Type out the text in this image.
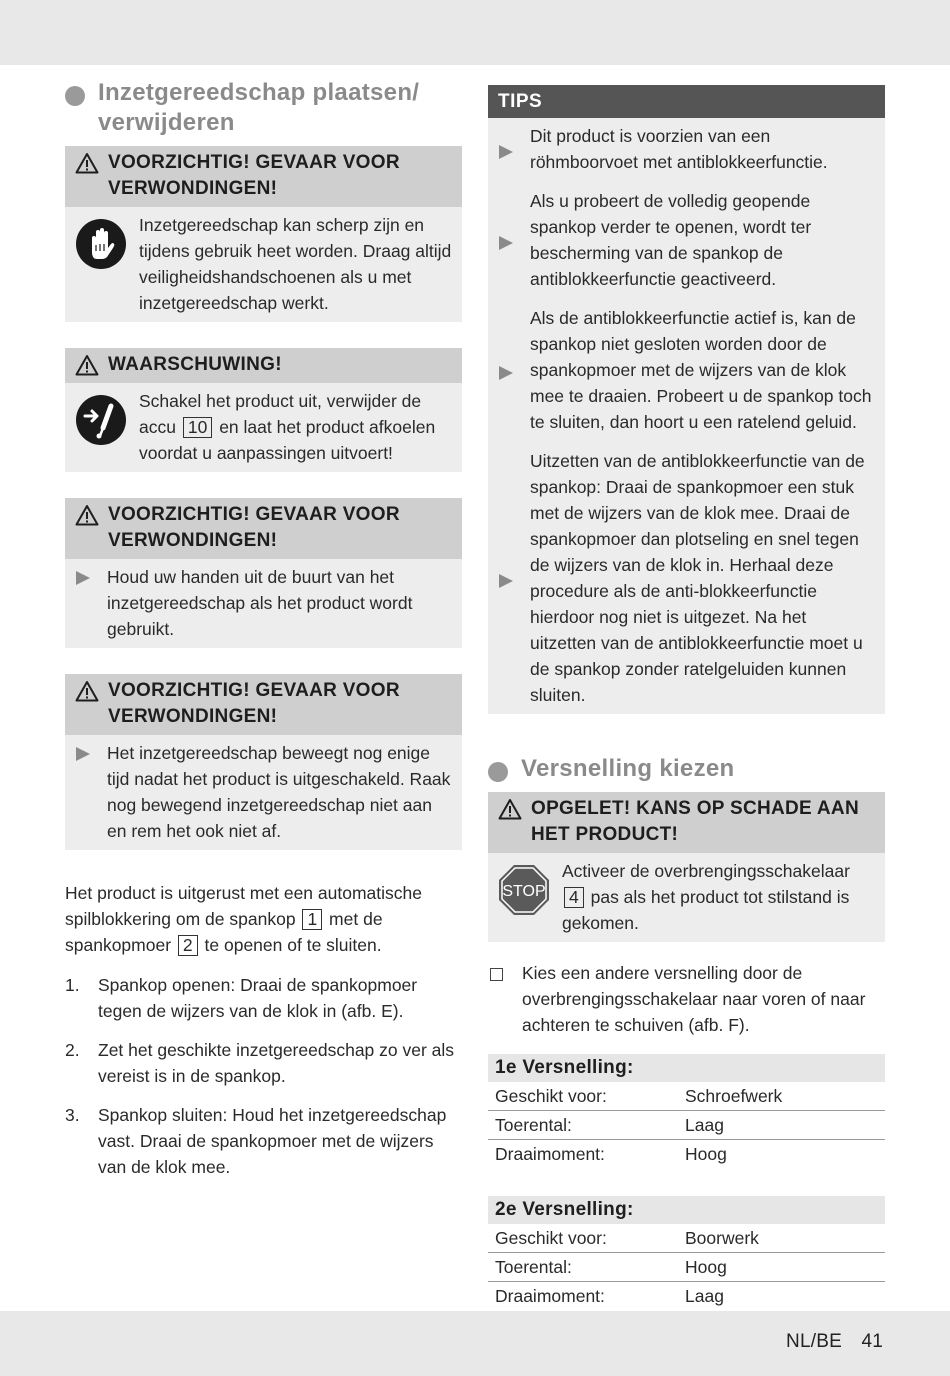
Inzetgereedschap plaatsen/ verwijderen
VOORZICHTIG! GEVAAR VOOR VERWONDINGEN!
Inzetgereedschap kan scherp zijn en tijdens gebruik heet worden. Draag altijd veiligheidshandschoenen als u met inzetgereedschap werkt.
WAARSCHUWING!
Schakel het product uit, verwijder de accu 10 en laat het product afkoelen voordat u aanpassingen uitvoert!
VOORZICHTIG! GEVAAR VOOR VERWONDINGEN!
Houd uw handen uit de buurt van het inzetgereedschap als het product wordt gebruikt.
VOORZICHTIG! GEVAAR VOOR VERWONDINGEN!
Het inzetgereedschap beweegt nog enige tijd nadat het product is uitgeschakeld. Raak nog bewegend inzetgereedschap niet aan en rem het ook niet af.

Het product is uitgerust met een automatische spilblokkering om de spankop 1 met de spankopmoer 2 te openen of te sluiten.

1.	Spankop openen: Draai de spankopmoer tegen de wijzers van de klok in (afb. E).
2.	Zet het geschikte inzetgereedschap zo ver als vereist is in de spankop.
3.	Spankop sluiten: Houd het inzetgereedschap vast. Draai de spankopmoer met de wijzers van de klok mee.
TIPS
Dit product is voorzien van een röhmboorvoet met antiblokkeerfunctie.
Als u probeert de volledig geopende spankop verder te openen, wordt ter bescherming van de spankop de antiblokkeerfunctie geactiveerd.
Als de antiblokkeerfunctie actief is, kan de spankop niet gesloten worden door de spankopmoer met de wijzers van de klok mee te draaien. Probeert u de spankop toch te sluiten, dan hoort u een ratelend geluid.
Uitzetten van de antiblokkeerfunctie van de spankop: Draai de spankopmoer een stuk met de wijzers van de klok mee. Draai de spankopmoer dan plotseling en snel tegen de wijzers van de klok in. Herhaal deze procedure als de anti-blokkeerfunctie hierdoor nog niet is uitgezet. Na het uitzetten van de antiblokkeerfunctie moet u de spankop zonder ratelgeluiden kunnen sluiten.
Versnelling kiezen
OPGELET! KANS OP SCHADE AAN HET PRODUCT!
STOP
Activeer de overbrengingsschakelaar 4 pas als het product tot stilstand is gekomen.
Kies een andere versnelling door de overbrengingsschakelaar naar voren of naar achteren te schuiven (afb. F).
1e Versnelling:
Geschikt voor:	Schroefwerk
Toerental:	Laag
Draaimoment:	Hoog
2e Versnelling:
Geschikt voor:	Boorwerk
Toerental:	Hoog
Draaimoment:	Laag
NL/BE 41
